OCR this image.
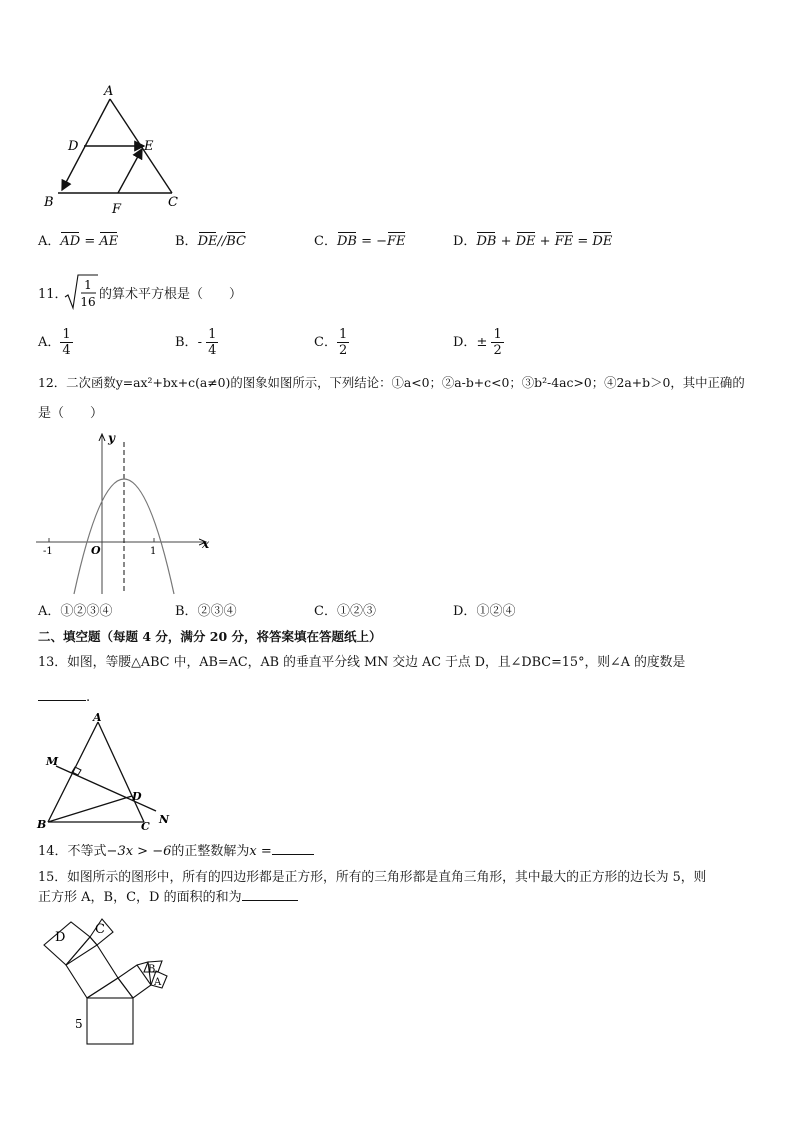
A
D	E
B	F	C
A．AD = AE	B．DE//BC	C．DB = −FE	D．DB + DE + FE = DE
11．
1
16 的算术平方根是（　　）
A． $\frac{1}{4}$	B．- $\frac{1}{4}$	C． $\frac{1}{2}$	D．± $\frac{1}{2}$
12．二次函数y=ax²+bx+c(a≠0)的图象如图所示，下列结论：①a<0；②a-b+c<0；③b²-4ac>0；④2a+b＞0，其中正确的
是（　　）
y
x
O
-1	1
A．①②③④	B．②③④	C．①②③	D．①②④
二、填空题（每题 4 分，满分 20 分，将答案填在答题纸上）
13．如图，等腰△ABC 中，AB=AC，AB 的垂直平分线 MN 交边 AC 于点 D，且∠DBC=15°，则∠A 的度数是
.
A
M
D
N
B	C
14．不等式−3x > −6的正整数解为x =
15．如图所示的图形中，所有的四边形都是正方形，所有的三角形都是直角三角形，其中最大的正方形的边长为 5，则
正方形 A，B，C，D 的面积的和为
D
C
B
A
5
